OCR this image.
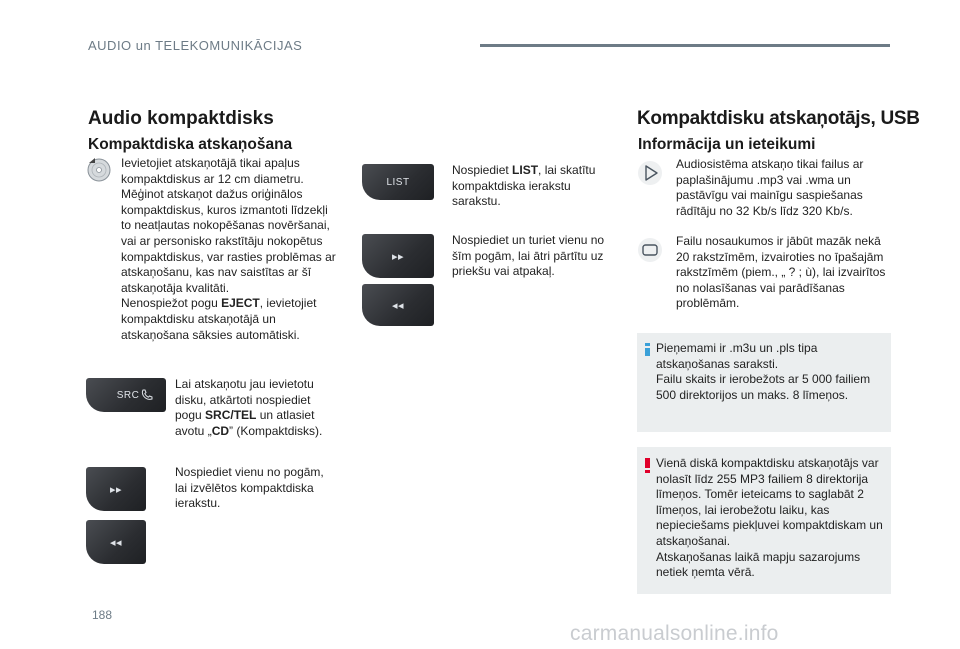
AUDIO un TELEKOMUNIKĀCIJAS
Audio kompaktdisks
Kompaktdiska atskaņošana
Ievietojiet atskaņotājā tikai apaļus kompaktdiskus ar 12 cm diametru.
Mēģinot atskaņot dažus oriģinālos kompaktdiskus, kuros izmantoti līdzekļi to neatļautas nokopēšanas novēršanai, vai ar personisko rakstītāju nokopētus kompaktdiskus, var rasties problēmas ar atskaņošanu, kas nav saistītas ar šī atskaņotāja kvalitāti.
Nenospiežot pogu EJECT, ievietojiet kompaktdisku atskaņotājā un atskaņošana sāksies automātiski.
SRC
Lai atskaņotu jau ievietotu disku, atkārtoti nospiediet pogu SRC/TEL un atlasiet avotu „CD” (Kompaktdisks).
▸▸
◂◂
Nospiediet vienu no pogām, lai izvēlētos kompaktdiska ierakstu.
LIST
Nospiediet LIST, lai skatītu kompaktdiska ierakstu sarakstu.
▸▸
◂◂
Nospiediet un turiet vienu no šīm pogām, lai ātri pārtītu uz priekšu vai atpakaļ.
Kompaktdisku atskaņotājs, USB
Informācija un ieteikumi
Audiosistēma atskaņo tikai failus ar paplašinājumu .mp3 vai .wma un pastāvīgu vai mainīgu saspiešanas rādītāju no 32 Kb/s līdz 320 Kb/s.
Failu nosaukumos ir jābūt mazāk nekā 20 rakstzīmēm, izvairoties no īpašajām rakstzīmēm (piem., „ ? ; ù), lai izvairītos no nolasīšanas vai parādīšanas problēmām.
Pieņemami ir .m3u un .pls tipa atskaņošanas saraksti.
Failu skaits ir ierobežots ar 5 000 failiem 500 direktorijos un maks. 8 līmeņos.
Vienā diskā kompaktdisku atskaņotājs var nolasīt līdz 255 MP3 failiem 8 direktorija līmeņos. Tomēr ieteicams to saglabāt 2 līmeņos, lai ierobežotu laiku, kas nepieciešams piekļuvei kompaktdiskam un atskaņošanai.
Atskaņošanas laikā mapju sazarojums netiek ņemta vērā.
188
carmanualsonline.info
